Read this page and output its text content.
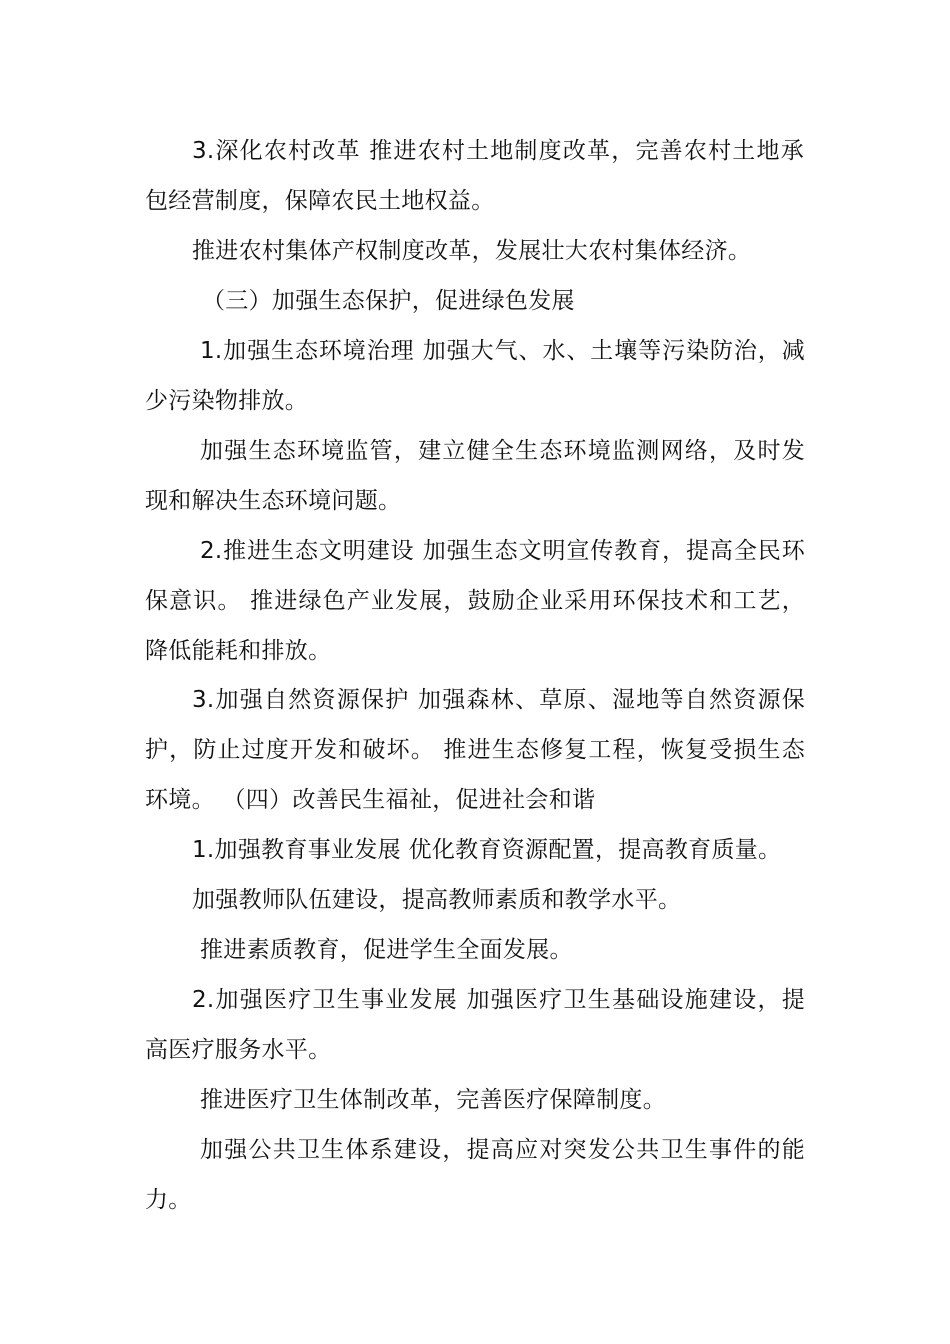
3.深化农村改革 推进农村土地制度改革，完善农村土地承
包经营制度，保障农民土地权益。
推进农村集体产权制度改革，发展壮大农村集体经济。
（三）加强生态保护，促进绿色发展
1.加强生态环境治理 加强大气、水、土壤等污染防治，减
少污染物排放。
加强生态环境监管，建立健全生态环境监测网络，及时发
现和解决生态环境问题。
2.推进生态文明建设 加强生态文明宣传教育，提高全民环
保意识。 推进绿色产业发展，鼓励企业采用环保技术和工艺，
降低能耗和排放。
3.加强自然资源保护 加强森林、草原、湿地等自然资源保
护，防止过度开发和破坏。 推进生态修复工程，恢复受损生态
环境。 （四）改善民生福祉，促进社会和谐
1.加强教育事业发展 优化教育资源配置，提高教育质量。
加强教师队伍建设，提高教师素质和教学水平。
推进素质教育，促进学生全面发展。
2.加强医疗卫生事业发展 加强医疗卫生基础设施建设，提
高医疗服务水平。
推进医疗卫生体制改革，完善医疗保障制度。
加强公共卫生体系建设，提高应对突发公共卫生事件的能
力。
